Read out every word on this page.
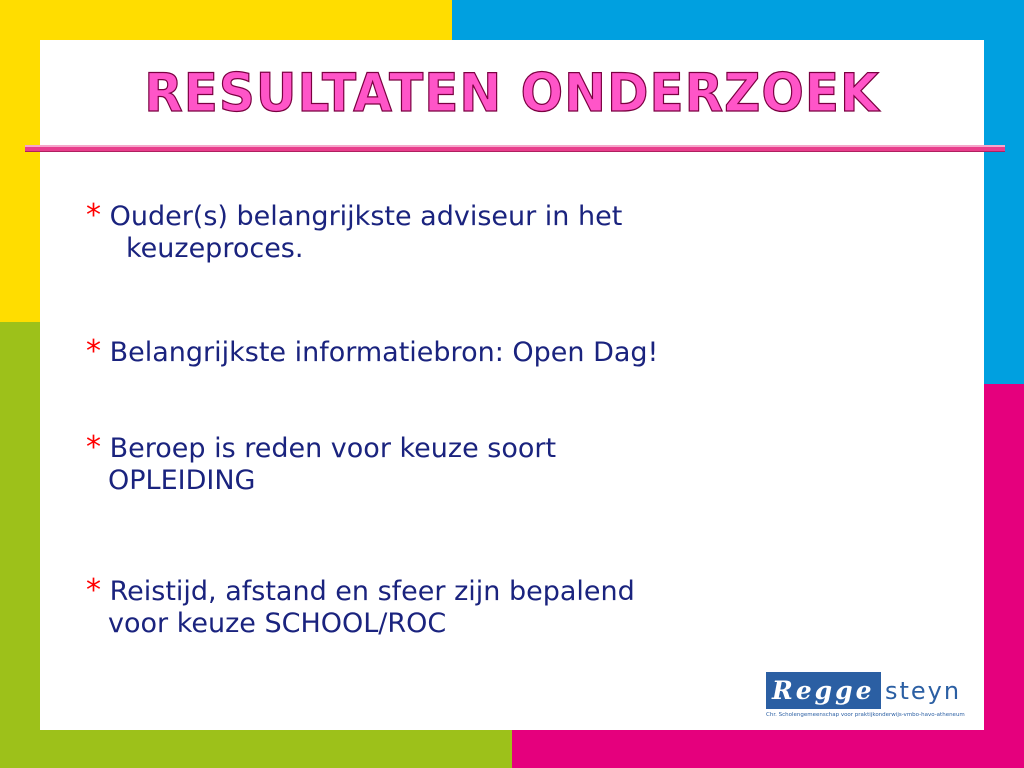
RESULTATEN ONDERZOEK
* Ouder(s) belangrijkste adviseur in het
keuzeproces.
* Belangrijkste informatiebron: Open Dag!
* Beroep is reden voor keuze soort
OPLEIDING
* Reistijd, afstand en sfeer zijn bepalend
voor keuze SCHOOL/ROC
Regge steyn
Chr. Scholengemeenschap voor praktijkonderwijs-vmbo-havo-atheneum
